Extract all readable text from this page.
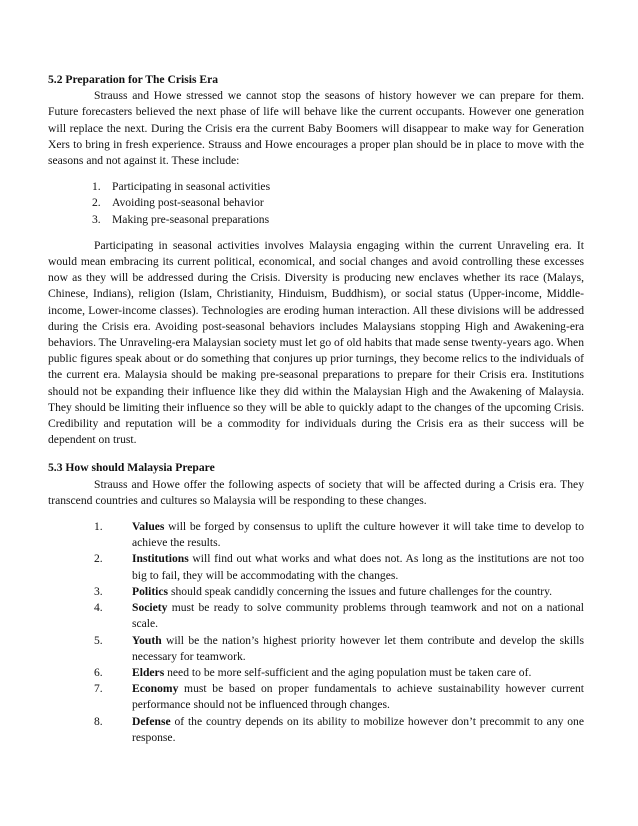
5.2 Preparation for The Crisis Era

Strauss and Howe stressed we cannot stop the seasons of history however we can prepare for them. Future forecasters believed the next phase of life will behave like the current occupants. However one generation will replace the next. During the Crisis era the current Baby Boomers will disappear to make way for Generation Xers to bring in fresh experience. Strauss and Howe encourages a proper plan should be in place to move with the seasons and not against it. These include:

1. Participating in seasonal activities
2. Avoiding post-seasonal behavior
3. Making pre-seasonal preparations

Participating in seasonal activities involves Malaysia engaging within the current Unraveling era. It would mean embracing its current political, economical, and social changes and avoid controlling these excesses now as they will be addressed during the Crisis. Diversity is producing new enclaves whether its race (Malays, Chinese, Indians), religion (Islam, Christianity, Hinduism, Buddhism), or social status (Upper-income, Middle-income, Lower-income classes). Technologies are eroding human interaction. All these divisions will be addressed during the Crisis era. Avoiding post-seasonal behaviors includes Malaysians stopping High and Awakening-era behaviors. The Unraveling-era Malaysian society must let go of old habits that made sense twenty-years ago. When public figures speak about or do something that conjures up prior turnings, they become relics to the individuals of the current era. Malaysia should be making pre-seasonal preparations to prepare for their Crisis era. Institutions should not be expanding their influence like they did within the Malaysian High and the Awakening of Malaysia. They should be limiting their influence so they will be able to quickly adapt to the changes of the upcoming Crisis. Credibility and reputation will be a commodity for individuals during the Crisis era as their success will be dependent on trust.

5.3 How should Malaysia Prepare

Strauss and Howe offer the following aspects of society that will be affected during a Crisis era. They transcend countries and cultures so Malaysia will be responding to these changes.

1.	Values will be forged by consensus to uplift the culture however it will take time to develop to achieve the results.
2.	Institutions will find out what works and what does not. As long as the institutions are not too big to fail, they will be accommodating with the changes.
3.	Politics should speak candidly concerning the issues and future challenges for the country.
4.	Society must be ready to solve community problems through teamwork and not on a national scale.
5.	Youth will be the nation’s highest priority however let them contribute and develop the skills necessary for teamwork.
6.	Elders need to be more self-sufficient and the aging population must be taken care of.
7.	Economy must be based on proper fundamentals to achieve sustainability however current performance should not be influenced through changes.
8.	Defense of the country depends on its ability to mobilize however don’t precommit to any one response.
